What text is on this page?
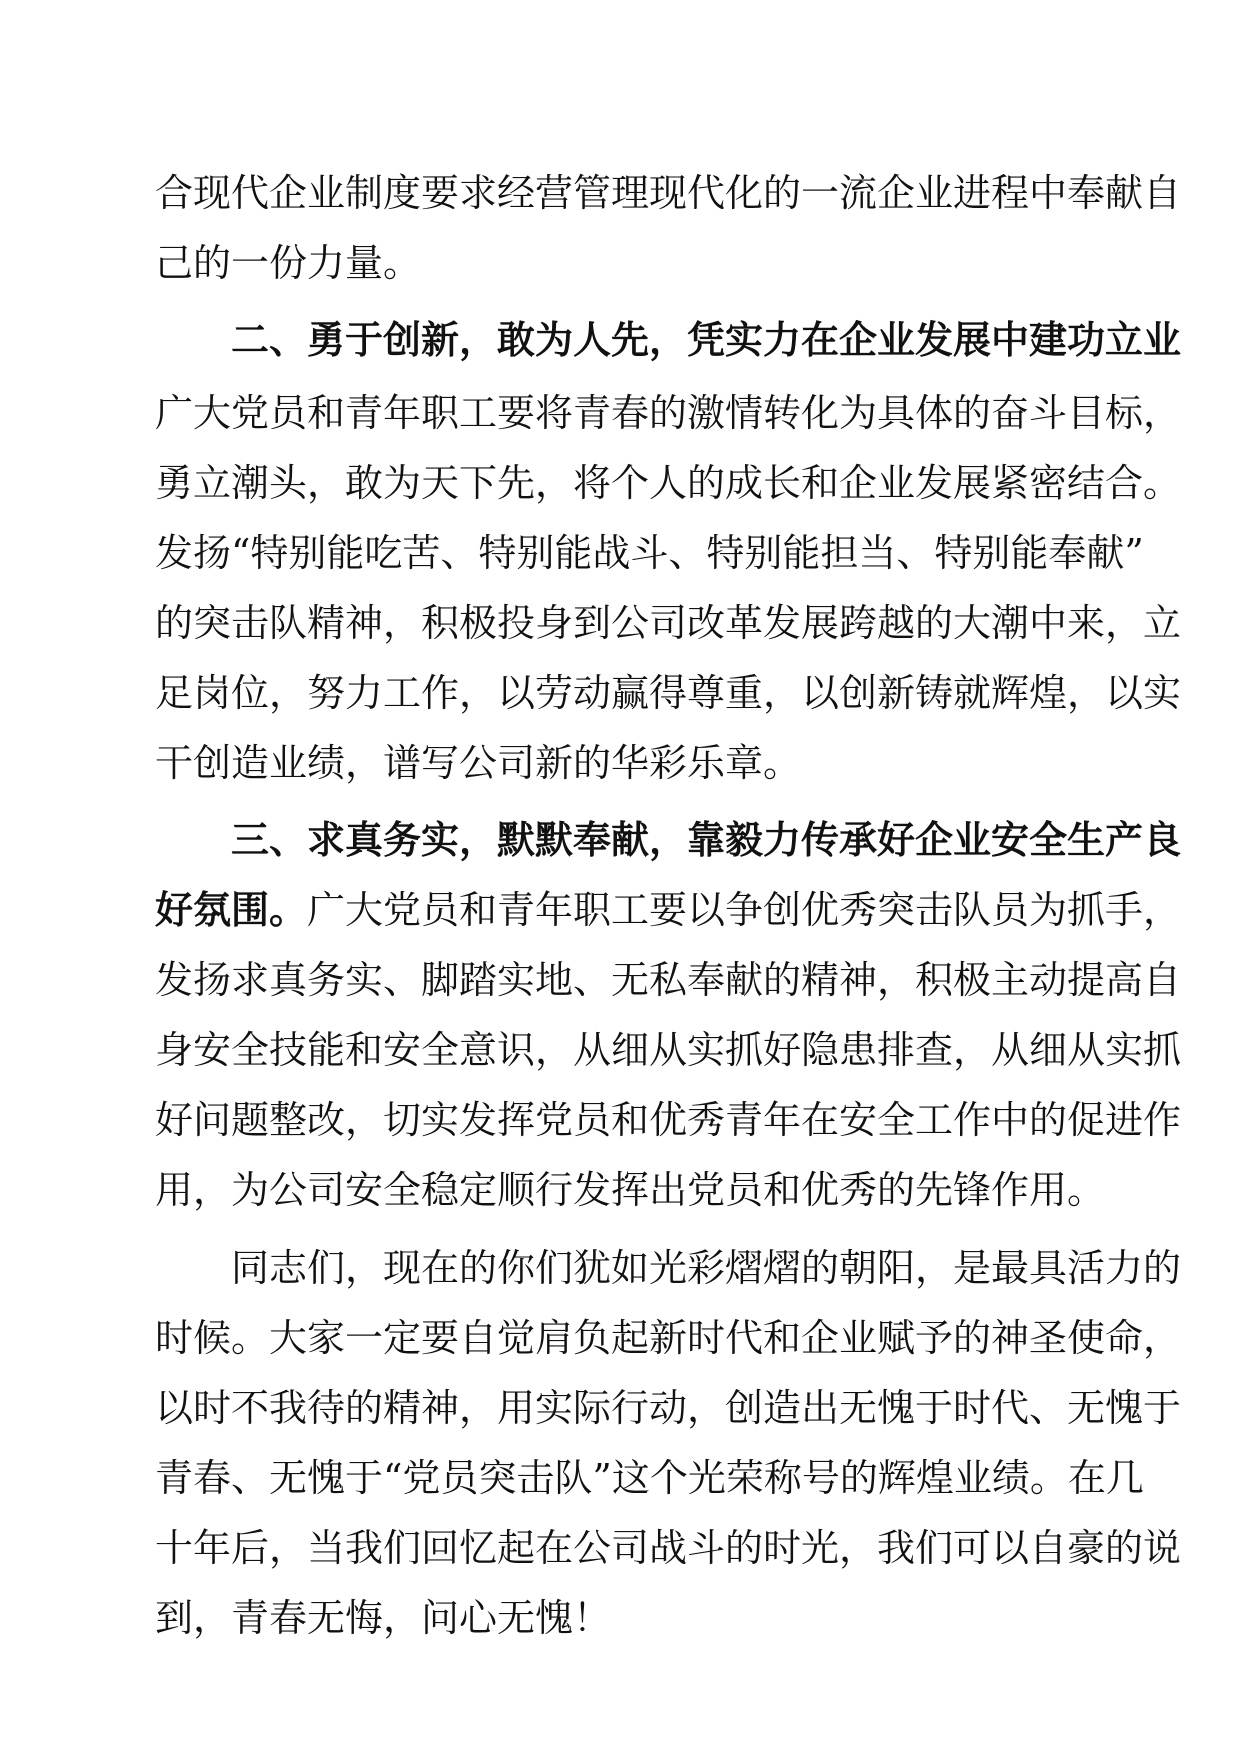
合现代企业制度要求经营管理现代化的一流企业进程中奉献自
己的一份力量。
二、勇于创新，敢为人先，凭实力在企业发展中建功立业
广大党员和青年职工要将青春的激情转化为具体的奋斗目标，
勇立潮头，敢为天下先，将个人的成长和企业发展紧密结合。
发扬“特别能吃苦、特别能战斗、特别能担当、特别能奉献”
的突击队精神，积极投身到公司改革发展跨越的大潮中来，立
足岗位，努力工作，以劳动赢得尊重，以创新铸就辉煌，以实
干创造业绩，谱写公司新的华彩乐章。
三、求真务实，默默奉献，靠毅力传承好企业安全生产良
好氛围。广大党员和青年职工要以争创优秀突击队员为抓手，
发扬求真务实、脚踏实地、无私奉献的精神，积极主动提高自
身安全技能和安全意识，从细从实抓好隐患排查，从细从实抓
好问题整改，切实发挥党员和优秀青年在安全工作中的促进作
用，为公司安全稳定顺行发挥出党员和优秀的先锋作用。
同志们，现在的你们犹如光彩熠熠的朝阳，是最具活力的
时候。大家一定要自觉肩负起新时代和企业赋予的神圣使命，
以时不我待的精神，用实际行动，创造出无愧于时代、无愧于
青春、无愧于“党员突击队”这个光荣称号的辉煌业绩。在几
十年后，当我们回忆起在公司战斗的时光，我们可以自豪的说
到，青春无悔，问心无愧！
